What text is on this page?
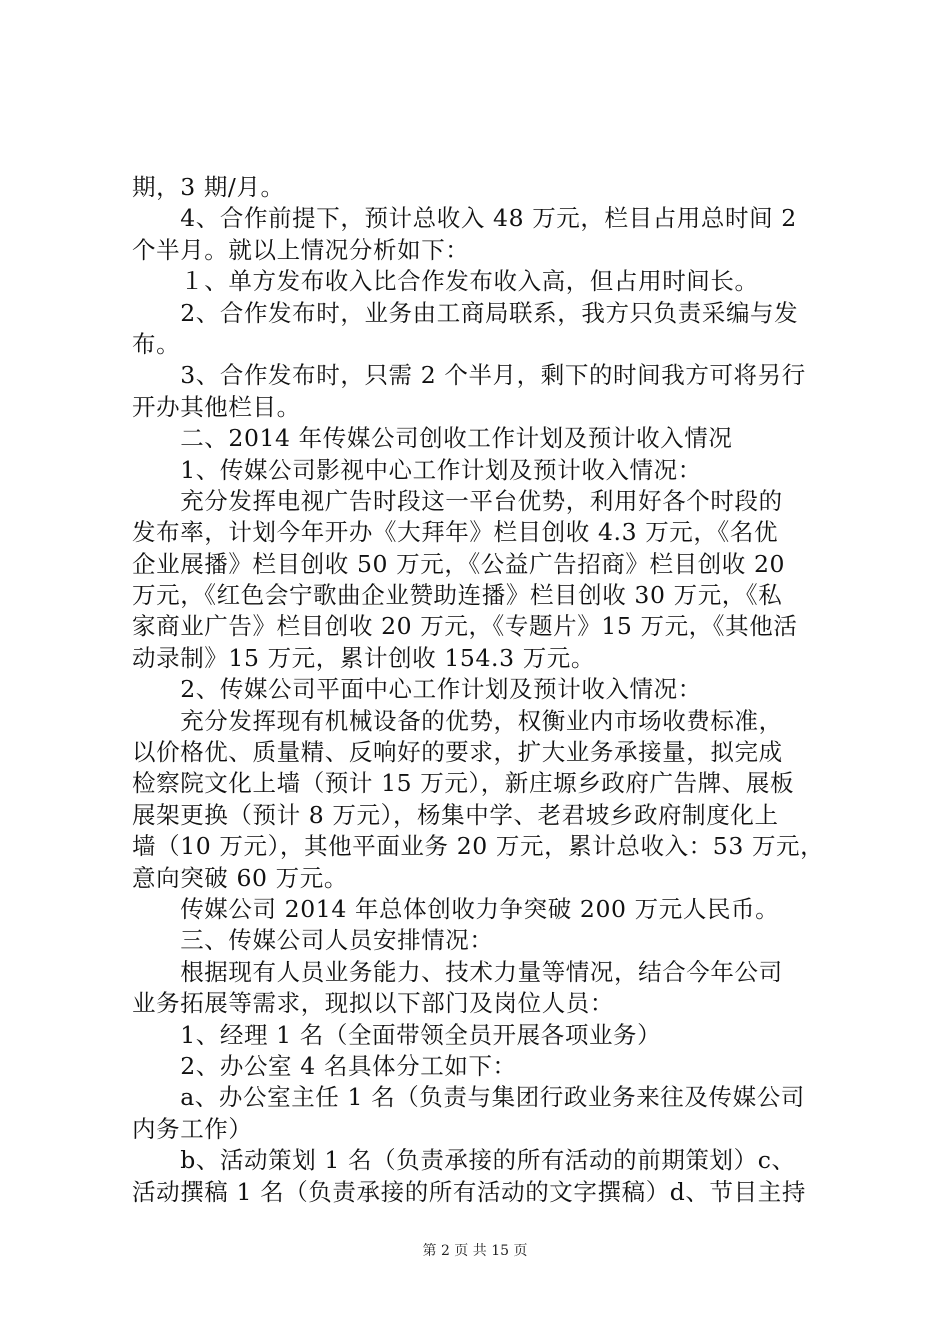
期，3 期/月。
　　4、合作前提下，预计总收入 48 万元，栏目占用总时间 2
个半月。就以上情况分析如下：
　　１、单方发布收入比合作发布收入高，但占用时间长。
　　2、合作发布时，业务由工商局联系，我方只负责采编与发
布。
　　3、合作发布时，只需 2 个半月，剩下的时间我方可将另行
开办其他栏目。
　　二、2014 年传媒公司创收工作计划及预计收入情况
　　1、传媒公司影视中心工作计划及预计收入情况：
　　充分发挥电视广告时段这一平台优势，利用好各个时段的
发布率，计划今年开办《大拜年》栏目创收 4.3 万元，《名优
企业展播》栏目创收 50 万元，《公益广告招商》栏目创收 20
万元，《红色会宁歌曲企业赞助连播》栏目创收 30 万元，《私
家商业广告》栏目创收 20 万元，《专题片》15 万元，《其他活
动录制》15 万元，累计创收 154.3 万元。
　　2、传媒公司平面中心工作计划及预计收入情况：
　　充分发挥现有机械设备的优势，权衡业内市场收费标准，
以价格优、质量精、反响好的要求，扩大业务承接量，拟完成
检察院文化上墙（预计 15 万元），新庄塬乡政府广告牌、展板
展架更换（预计 8 万元），杨集中学、老君坡乡政府制度化上
墙（10 万元），其他平面业务 20 万元，累计总收入：53 万元，
意向突破 60 万元。
　　传媒公司 2014 年总体创收力争突破 200 万元人民币。
　　三、传媒公司人员安排情况：
　　根据现有人员业务能力、技术力量等情况，结合今年公司
业务拓展等需求，现拟以下部门及岗位人员：
　　1、经理 1 名（全面带领全员开展各项业务）
　　2、办公室 4 名具体分工如下：
　　a、办公室主任 1 名（负责与集团行政业务来往及传媒公司
内务工作）
　　b、活动策划 1 名（负责承接的所有活动的前期策划）c、
活动撰稿 1 名（负责承接的所有活动的文字撰稿）d、节目主持
第 2 页 共 15 页
